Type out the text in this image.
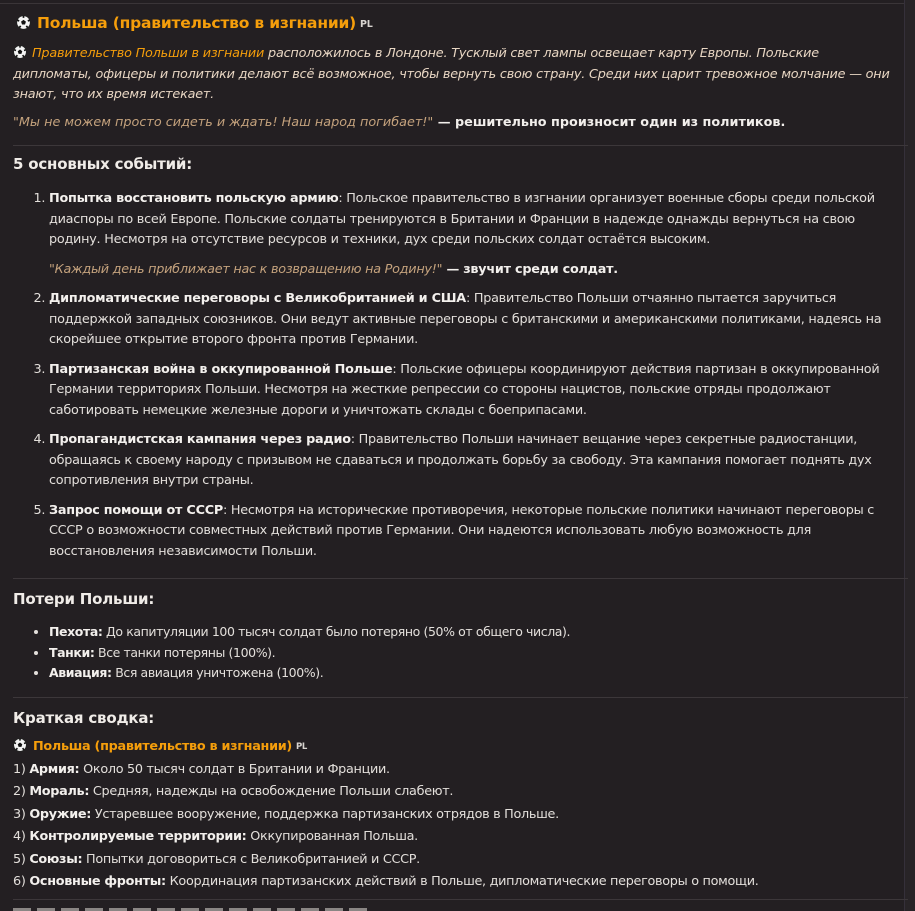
Польша (правительство в изгнании) PL
Правительство Польши в изгнании расположилось в Лондоне. Тусклый свет лампы освещает карту Европы. Польские дипломаты, офицеры и политики делают всё возможное, чтобы вернуть свою страну. Среди них царит тревожное молчание — они знают, что их время истекает.
"Мы не можем просто сидеть и ждать! Наш народ погибает!" — решительно произносит один из политиков.
5 основных событий:
1. Попытка восстановить польскую армию: Польское правительство в изгнании организует военные сборы среди польской диаспоры по всей Европе. Польские солдаты тренируются в Британии и Франции в надежде однажды вернуться на свою родину. Несмотря на отсутствие ресурсов и техники, дух среди польских солдат остаётся высоким.
"Каждый день приближает нас к возвращению на Родину!" — звучит среди солдат.
2. Дипломатические переговоры с Великобританией и США: Правительство Польши отчаянно пытается заручиться поддержкой западных союзников. Они ведут активные переговоры с британскими и американскими политиками, надеясь на скорейшее открытие второго фронта против Германии.
3. Партизанская война в оккупированной Польше: Польские офицеры координируют действия партизан в оккупированной Германии территориях Польши. Несмотря на жесткие репрессии со стороны нацистов, польские отряды продолжают саботировать немецкие железные дороги и уничтожать склады с боеприпасами.
4. Пропагандистская кампания через радио: Правительство Польши начинает вещание через секретные радиостанции, обращаясь к своему народу с призывом не сдаваться и продолжать борьбу за свободу. Эта кампания помогает поднять дух сопротивления внутри страны.
5. Запрос помощи от СССР: Несмотря на исторические противоречия, некоторые польские политики начинают переговоры с СССР о возможности совместных действий против Германии. Они надеются использовать любую возможность для восстановления независимости Польши.
Потери Польши:
• Пехота: До капитуляции 100 тысяч солдат было потеряно (50% от общего числа).
• Танки: Все танки потеряны (100%).
• Авиация: Вся авиация уничтожена (100%).
Краткая сводка:
Польша (правительство в изгнании) PL
1) Армия: Около 50 тысяч солдат в Британии и Франции.
2) Мораль: Средняя, надежды на освобождение Польши слабеют.
3) Оружие: Устаревшее вооружение, поддержка партизанских отрядов в Польше.
4) Контролируемые территории: Оккупированная Польша.
5) Союзы: Попытки договориться с Великобританией и СССР.
6) Основные фронты: Координация партизанских действий в Польше, дипломатические переговоры о помощи.
